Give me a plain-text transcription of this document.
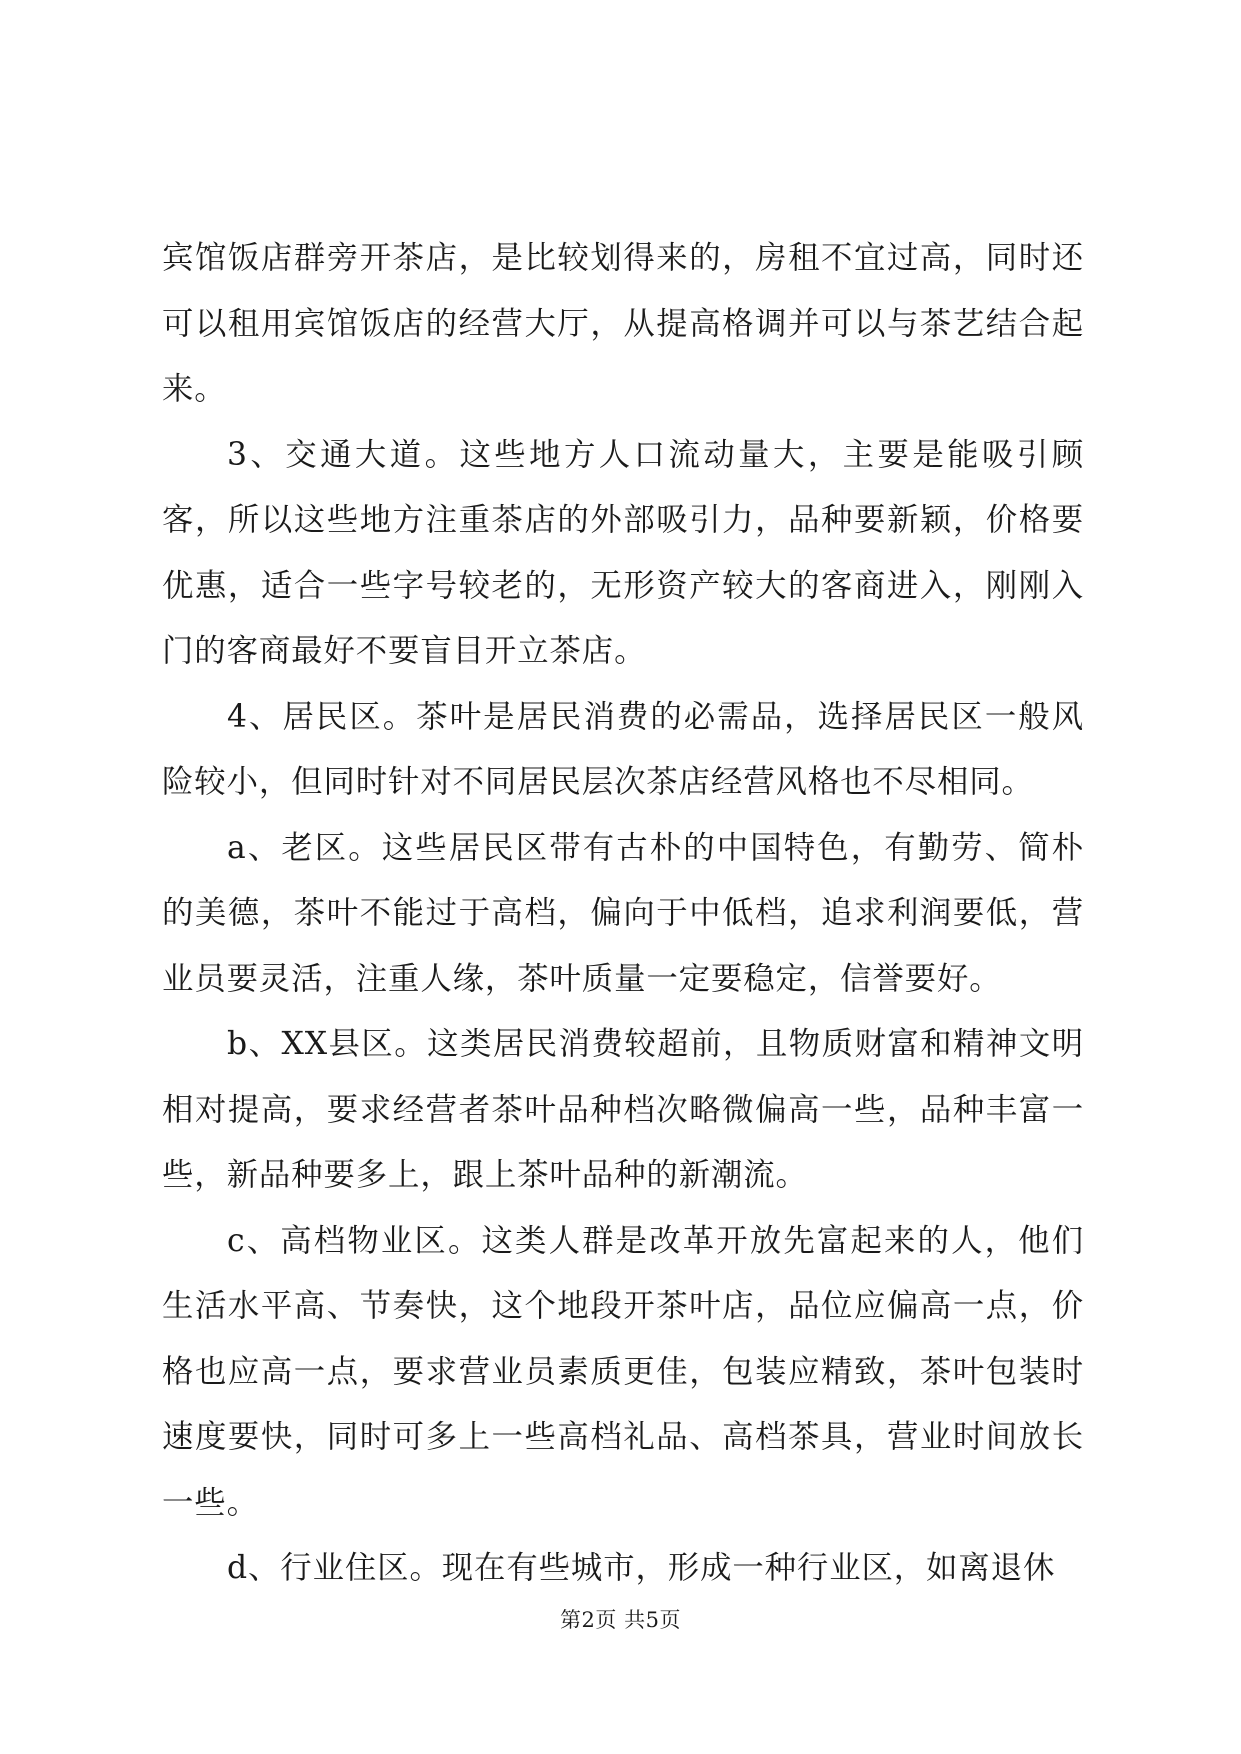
宾馆饭店群旁开茶店，是比较划得来的，房租不宜过高，同时还可以租用宾馆饭店的经营大厅，从提高格调并可以与茶艺结合起来。

3、交通大道。这些地方人口流动量大，主要是能吸引顾客，所以这些地方注重茶店的外部吸引力，品种要新颖，价格要优惠，适合一些字号较老的，无形资产较大的客商进入，刚刚入门的客商最好不要盲目开立茶店。

4、居民区。茶叶是居民消费的必需品，选择居民区一般风险较小，但同时针对不同居民层次茶店经营风格也不尽相同。

a、老区。这些居民区带有古朴的中国特色，有勤劳、简朴的美德，茶叶不能过于高档，偏向于中低档，追求利润要低，营业员要灵活，注重人缘，茶叶质量一定要稳定，信誉要好。

b、XX县区。这类居民消费较超前，且物质财富和精神文明相对提高，要求经营者茶叶品种档次略微偏高一些，品种丰富一些，新品种要多上，跟上茶叶品种的新潮流。

c、高档物业区。这类人群是改革开放先富起来的人，他们生活水平高、节奏快，这个地段开茶叶店，品位应偏高一点，价格也应高一点，要求营业员素质更佳，包装应精致，茶叶包装时速度要快，同时可多上一些高档礼品、高档茶具，营业时间放长一些。

d、行业住区。现在有些城市，形成一种行业区，如离退休

第2页 共5页
